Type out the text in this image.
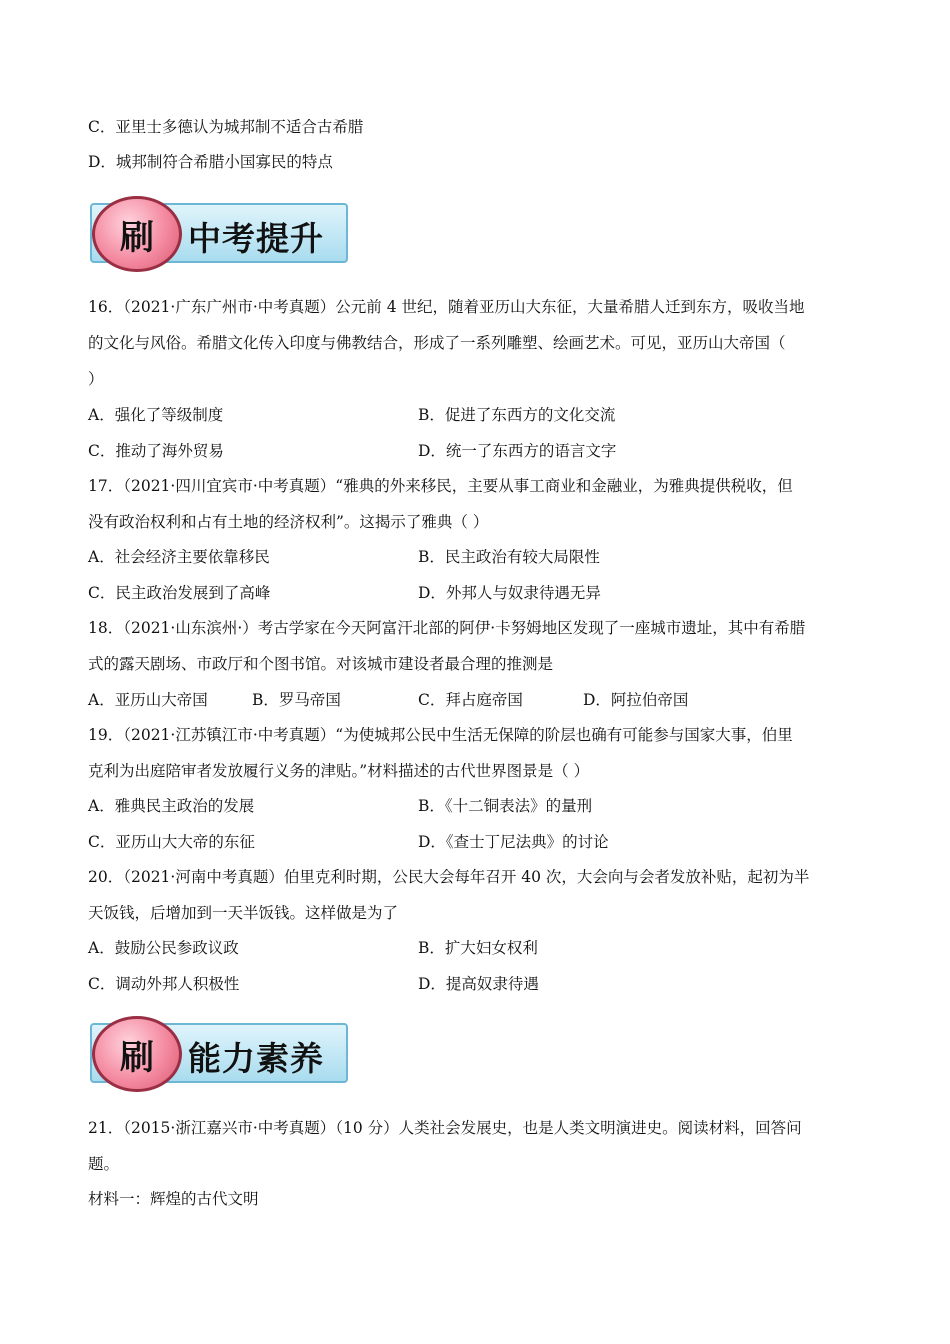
C．亚里士多德认为城邦制不适合古希腊
D．城邦制符合希腊小国寡民的特点
刷	中考提升
16．（2021·广东广州市·中考真题）公元前 4 世纪，随着亚历山大东征，大量希腊人迁到东方，吸收当地
的文化与风俗。希腊文化传入印度与佛教结合，形成了一系列雕塑、绘画艺术。可见，亚历山大帝国（
）
A．强化了等级制度	B．促进了东西方的文化交流
C．推动了海外贸易	D．统一了东西方的语言文字
17．（2021·四川宜宾市·中考真题）“雅典的外来移民，主要从事工商业和金融业，为雅典提供税收，但
没有政治权利和占有土地的经济权利”。这揭示了雅典（ ）
A．社会经济主要依靠移民	B．民主政治有较大局限性
C．民主政治发展到了高峰	D．外邦人与奴隶待遇无异
18．（2021·山东滨州·）考古学家在今天阿富汗北部的阿伊·卡努姆地区发现了一座城市遗址，其中有希腊
式的露天剧场、市政厅和个图书馆。对该城市建设者最合理的推测是
A．亚历山大帝国	B．罗马帝国	C．拜占庭帝国	D．阿拉伯帝国
19．（2021·江苏镇江市·中考真题）“为使城邦公民中生活无保障的阶层也确有可能参与国家大事，伯里
克利为出庭陪审者发放履行义务的津贴。”材料描述的古代世界图景是（ ）
A．雅典民主政治的发展	B．《十二铜表法》的量刑
C．亚历山大大帝的东征	D．《查士丁尼法典》的讨论
20．（2021·河南中考真题）伯里克利时期，公民大会每年召开 40 次，大会向与会者发放补贴，起初为半
天饭钱，后增加到一天半饭钱。这样做是为了
A．鼓励公民参政议政	B．扩大妇女权利
C．调动外邦人积极性	D．提高奴隶待遇
刷	能力素养
21．（2015·浙江嘉兴市·中考真题）（10 分）人类社会发展史，也是人类文明演进史。阅读材料，回答问
题。
材料一：辉煌的古代文明
